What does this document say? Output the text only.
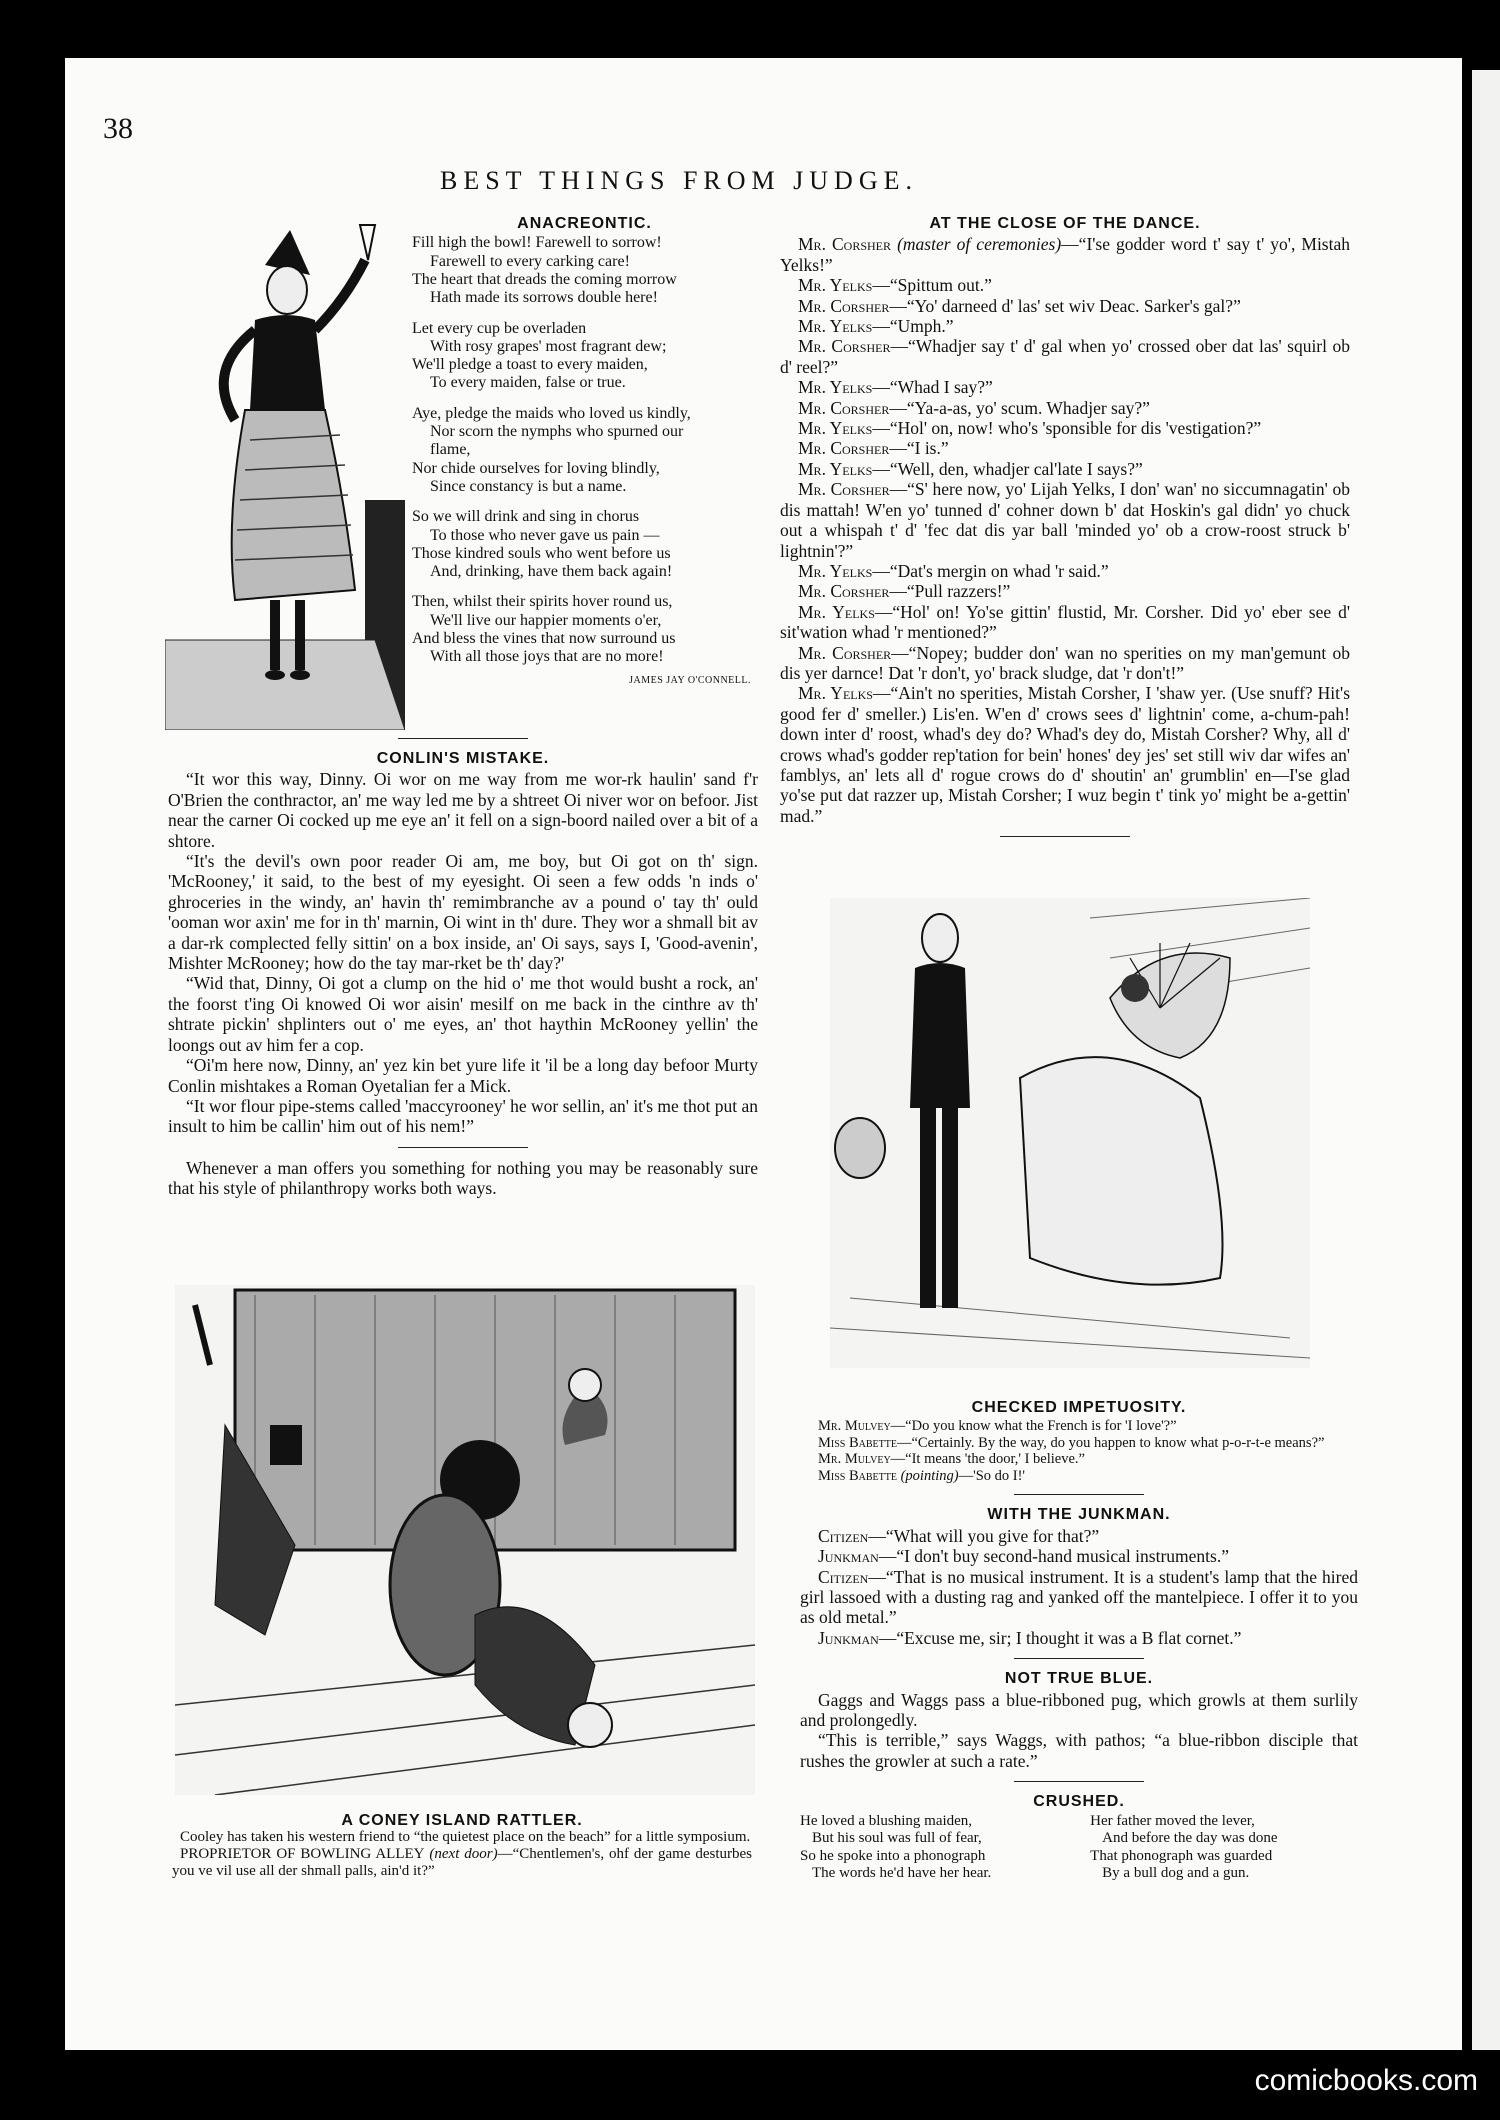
38
BEST THINGS FROM JUDGE.
ANACREONTIC.
Fill high the bowl! Farewell to sorrow!
Farewell to every carking care!
The heart that dreads the coming morrow
Hath made its sorrows double here!
Let every cup be overladen
With rosy grapes' most fragrant dew;
We'll pledge a toast to every maiden,
To every maiden, false or true.
Aye, pledge the maids who loved us kindly,
Nor scorn the nymphs who spurned our
flame,
Nor chide ourselves for loving blindly,
Since constancy is but a name.
So we will drink and sing in chorus
To those who never gave us pain —
Those kindred souls who went before us
And, drinking, have them back again!
Then, whilst their spirits hover round us,
We'll live our happier moments o'er,
And bless the vines that now surround us
With all those joys that are no more!
JAMES JAY O'CONNELL.
CONLIN'S MISTAKE.

“It wor this way, Dinny. Oi wor on me way from me wor-rk haulin' sand f'r O'Brien the conthractor, an' me way led me by a shtreet Oi niver wor on befoor. Jist near the carner Oi cocked up me eye an' it fell on a sign-boord nailed over a bit of a shtore.

“It's the devil's own poor reader Oi am, me boy, but Oi got on th' sign. 'McRooney,' it said, to the best of my eyesight. Oi seen a few odds 'n inds o' ghroceries in the windy, an' havin th' remimbranche av a pound o' tay th' ould 'ooman wor axin' me for in th' marnin, Oi wint in th' dure. They wor a shmall bit av a dar-rk complected felly sittin' on a box inside, an' Oi says, says I, 'Good-avenin', Mishter McRooney; how do the tay mar-rket be th' day?'

“Wid that, Dinny, Oi got a clump on the hid o' me thot would busht a rock, an' the foorst t'ing Oi knowed Oi wor aisin' mesilf on me back in the cinthre av th' shtrate pickin' shplinters out o' me eyes, an' thot haythin McRooney yellin' the loongs out av him fer a cop.

“Oi'm here now, Dinny, an' yez kin bet yure life it 'il be a long day befoor Murty Conlin mishtakes a Roman Oyetalian fer a Mick.

“It wor flour pipe-stems called 'maccyrooney' he wor sellin, an' it's me thot put an insult to him be callin' him out of his nem!”

Whenever a man offers you something for nothing you may be reasonably sure that his style of philanthropy works both ways.

A CONEY ISLAND RATTLER.

Cooley has taken his western friend to “the quietest place on the beach” for a little symposium.

PROPRIETOR OF BOWLING ALLEY (next door)—“Chentlemen's, ohf der game desturbes you ve vil use all der shmall palls, ain'd it?”

AT THE CLOSE OF THE DANCE.

Mr. Corsher (master of ceremonies)—“I'se godder word t' say t' yo', Mistah Yelks!”

Mr. Yelks—“Spittum out.”

Mr. Corsher—“Yo' darneed d' las' set wiv Deac. Sarker's gal?”

Mr. Yelks—“Umph.”

Mr. Corsher—“Whadjer say t' d' gal when yo' crossed ober dat las' squirl ob d' reel?”

Mr. Yelks—“Whad I say?”

Mr. Corsher—“Ya-a-as, yo' scum. Whadjer say?”

Mr. Yelks—“Hol' on, now! who's 'sponsible for dis 'vestigation?”

Mr. Corsher—“I is.”

Mr. Yelks—“Well, den, whadjer cal'late I says?”

Mr. Corsher—“S' here now, yo' Lijah Yelks, I don' wan' no siccumnagatin' ob dis mattah! W'en yo' tunned d' cohner down b' dat Hoskin's gal didn' yo chuck out a whispah t' d' 'fec dat dis yar ball 'minded yo' ob a crow-roost struck b' lightnin'?”

Mr. Yelks—“Dat's mergin on whad 'r said.”

Mr. Corsher—“Pull razzers!”

Mr. Yelks—“Hol' on! Yo'se gittin' flustid, Mr. Corsher. Did yo' eber see d' sit'wation whad 'r mentioned?”

Mr. Corsher—“Nopey; budder don' wan no sperities on my man'gemunt ob dis yer darnce! Dat 'r don't, yo' brack sludge, dat 'r don't!”

Mr. Yelks—“Ain't no sperities, Mistah Corsher, I 'shaw yer. (Use snuff? Hit's good fer d' smeller.) Lis'en. W'en d' crows sees d' lightnin' come, a-chum-pah! down inter d' roost, whad's dey do? Whad's dey do, Mistah Corsher? Why, all d' crows whad's godder rep'tation for bein' hones' dey jes' set still wiv dar wifes an' famblys, an' lets all d' rogue crows do d' shoutin' an' grumblin' en—I'se glad yo'se put dat razzer up, Mistah Corsher; I wuz begin t' tink yo' might be a-gettin' mad.”

CHECKED IMPETUOSITY.

Mr. Mulvey—“Do you know what the French is for 'I love'?”

Miss Babette—“Certainly. By the way, do you happen to know what p-o-r-t-e means?”

Mr. Mulvey—“It means 'the door,' I believe.”

Miss Babette (pointing)—'So do I!'

WITH THE JUNKMAN.

Citizen—“What will you give for that?”

Junkman—“I don't buy second-hand musical instruments.”

Citizen—“That is no musical instrument. It is a student's lamp that the hired girl lassoed with a dusting rag and yanked off the mantelpiece. I offer it to you as old metal.”

Junkman—“Excuse me, sir; I thought it was a B flat cornet.”

NOT TRUE BLUE.

Gaggs and Waggs pass a blue-ribboned pug, which growls at them surlily and prolongedly.

“This is terrible,” says Waggs, with pathos; “a blue-ribbon disciple that rushes the growler at such a rate.”

CRUSHED.
He loved a blushing maiden,
But his soul was full of fear,
So he spoke into a phonograph
The words he'd have her hear.
Her father moved the lever,
And before the day was done
That phonograph was guarded
By a bull dog and a gun.
comicbooks.com
